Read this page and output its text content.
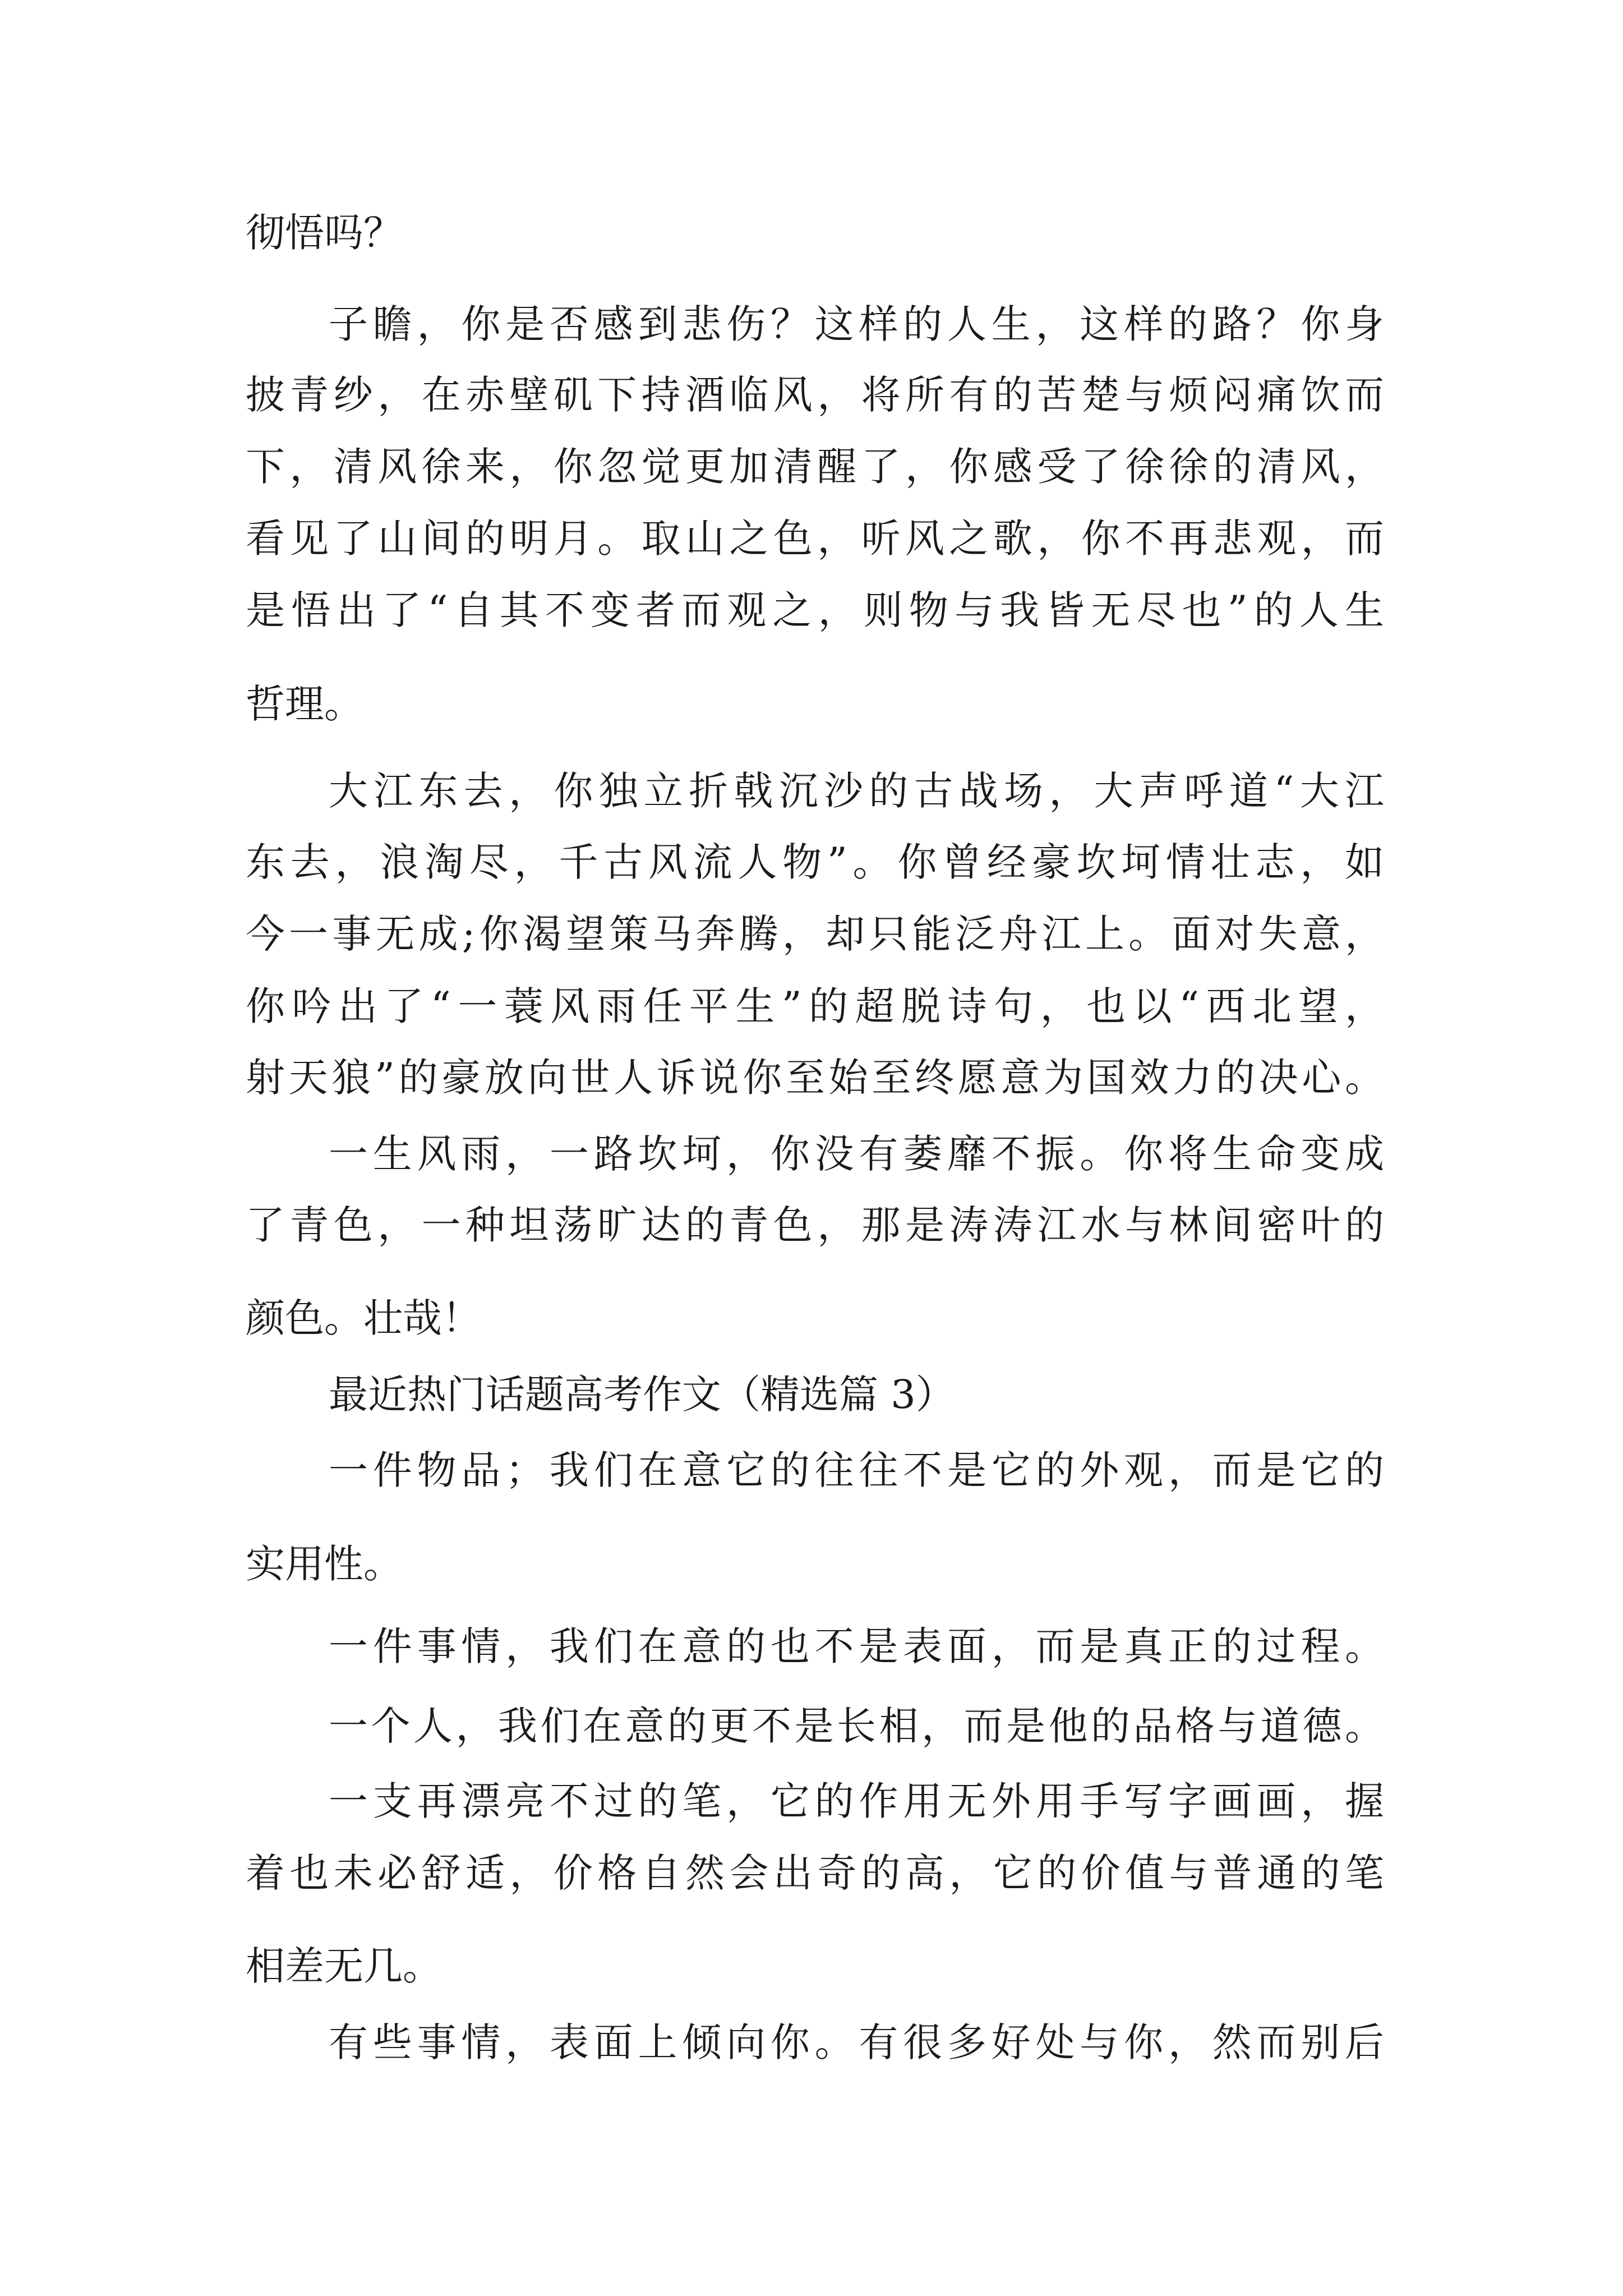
彻悟吗？
子瞻，你是否感到悲伤？这样的人生，这样的路？你身
披青纱，在赤壁矶下持酒临风，将所有的苦楚与烦闷痛饮而
下，清风徐来，你忽觉更加清醒了，你感受了徐徐的清风，
看见了山间的明月。取山之色，听风之歌，你不再悲观，而
是悟出了“自其不变者而观之，则物与我皆无尽也”的人生
哲理。
大江东去，你独立折戟沉沙的古战场，大声呼道“大江
东去，浪淘尽，千古风流人物”。你曾经豪坎坷情壮志，如
今一事无成;你渴望策马奔腾，却只能泛舟江上。面对失意，
你吟出了“一蓑风雨任平生”的超脱诗句，也以“西北望，
射天狼”的豪放向世人诉说你至始至终愿意为国效力的决心。
一生风雨，一路坎坷，你没有萎靡不振。你将生命变成
了青色，一种坦荡旷达的青色，那是涛涛江水与林间密叶的
颜色。壮哉！
最近热门话题高考作文（精选篇 3）
一件物品；我们在意它的往往不是它的外观，而是它的
实用性。
一件事情，我们在意的也不是表面，而是真正的过程。
一个人，我们在意的更不是长相，而是他的品格与道德。
一支再漂亮不过的笔，它的作用无外用手写字画画，握
着也未必舒适，价格自然会出奇的高，它的价值与普通的笔
相差无几。
有些事情，表面上倾向你。有很多好处与你，然而别后
